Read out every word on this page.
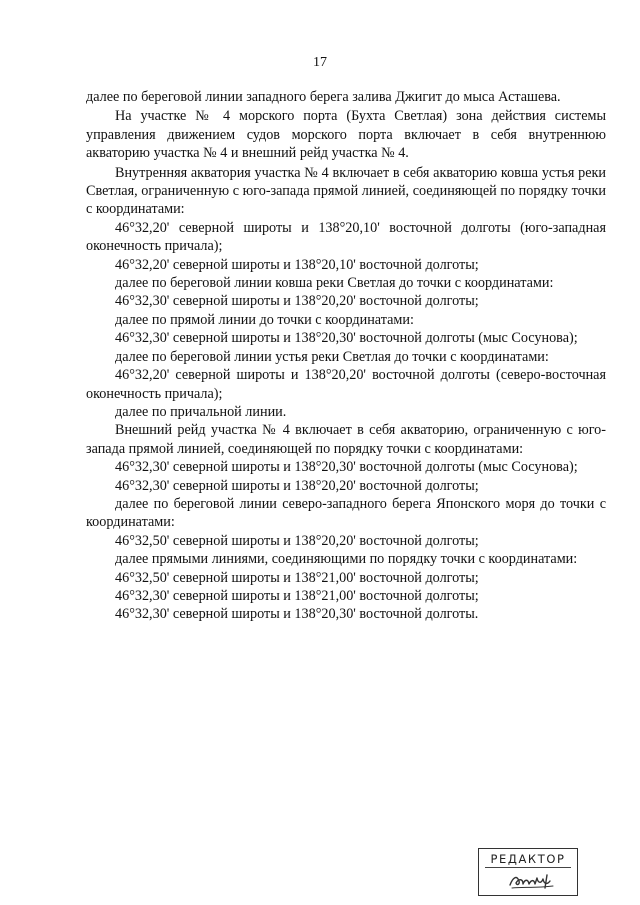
17

далее по береговой линии западного берега залива Джигит до мыса Асташева.

На участке № 4 морского порта (Бухта Светлая) зона действия системы управления движением судов морского порта включает в себя внутреннюю акваторию участка № 4 и внешний рейд участка № 4.

Внутренняя акватория участка № 4 включает в себя акваторию ковша устья реки Светлая, ограниченную с юго-запада прямой линией, соединяющей по порядку точки с координатами:

46°32,20' северной широты и 138°20,10' восточной долготы (юго-западная оконечность причала);

46°32,20' северной широты и 138°20,10' восточной долготы;

далее по береговой линии ковша реки Светлая до точки с координатами:

46°32,30' северной широты и 138°20,20' восточной долготы;

далее по прямой линии до точки с координатами:

46°32,30' северной широты и 138°20,30' восточной долготы (мыс Сосунова);

далее по береговой линии устья реки Светлая до точки с координатами:

46°32,20' северной широты и 138°20,20' восточной долготы (северо-восточная оконечность причала);

далее по причальной линии.

Внешний рейд участка № 4 включает в себя акваторию, ограниченную с юго-запада прямой линией, соединяющей по порядку точки с координатами:

46°32,30' северной широты и 138°20,30' восточной долготы (мыс Сосунова);

46°32,30' северной широты и 138°20,20' восточной долготы;

далее по береговой линии северо-западного берега Японского моря до точки с координатами:

46°32,50' северной широты и 138°20,20' восточной долготы;

далее прямыми линиями, соединяющими по порядку точки с координатами:

46°32,50' северной широты и 138°21,00' восточной долготы;

46°32,30' северной широты и 138°21,00' восточной долготы;

46°32,30' северной широты и 138°20,30' восточной долготы.

РЕДАКТОР
